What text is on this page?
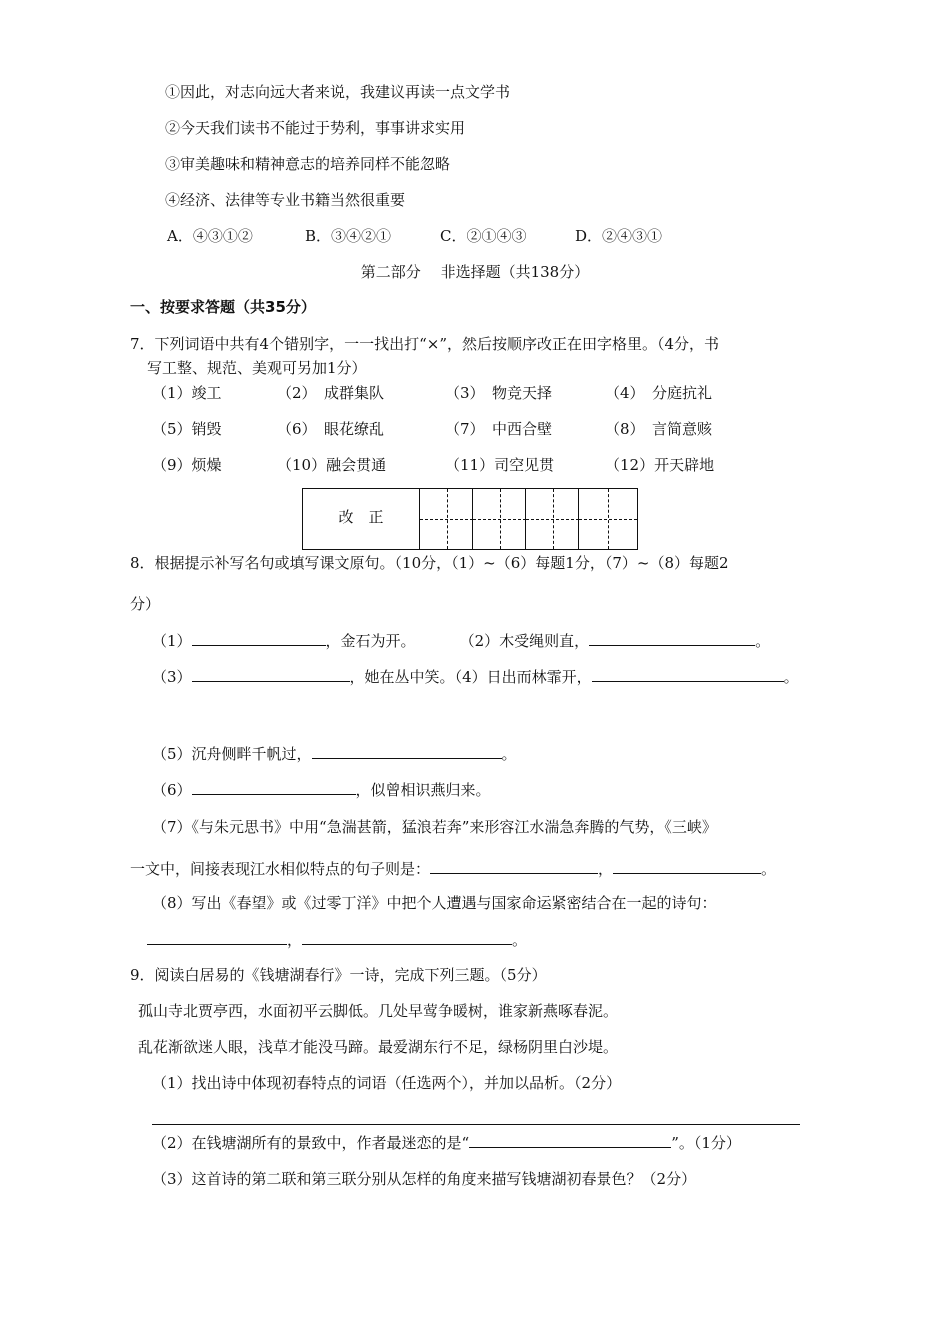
①因此，对志向远大者来说，我建议再读一点文学书
②今天我们读书不能过于势利，事事讲求实用
③审美趣味和精神意志的培养同样不能忽略
④经济、法律等专业书籍当然很重要
A．④③①②	B．③④②①	C．②①④③	D．②④③①
第二部分　 非选择题（共138分）
一、按要求答题（共35分）
7．下列词语中共有4个错别字，一一找出打“×”，然后按顺序改正在田字格里。（4分，书
写工整、规范、美观可另加1分）
（1）竣工	（2）　成群集队	（3）　物竞天择	（4）　分庭抗礼
（5）销毁	（6）　眼花缭乱	（7）　中西合壁	（8）　言简意赅
（9）烦燥	（10）融会贯通	（11）司空见贯	（12）开天辟地
改　正
8．根据提示补写名句或填写课文原句。（10分，（1）~（6）每题1分，（7）~（8）每题2
分）
（1）	，金石为开。	（2）木受绳则直，	。
（3）	，她在丛中笑。（4）日出而林霏开，	。
（5）沉舟侧畔千帆过，	。
（6）	，似曾相识燕归来。
（7）《与朱元思书》中用“急湍甚箭，猛浪若奔”来形容江水湍急奔腾的气势，《三峡》
一文中，间接表现江水相似特点的句子则是：	，	。
（8）写出《春望》或《过零丁洋》中把个人遭遇与国家命运紧密结合在一起的诗句：
，	。
9．阅读白居易的《钱塘湖春行》一诗，完成下列三题。（5分）
孤山寺北贾亭西，水面初平云脚低。几处早莺争暖树，谁家新燕啄春泥。
乱花渐欲迷人眼，浅草才能没马蹄。最爱湖东行不足，绿杨阴里白沙堤。
（1）找出诗中体现初春特点的词语（任选两个），并加以品析。（2分）
（2）在钱塘湖所有的景致中，作者最迷恋的是“	”。（1分）
（3）这首诗的第二联和第三联分别从怎样的角度来描写钱塘湖初春景色？（2分）
